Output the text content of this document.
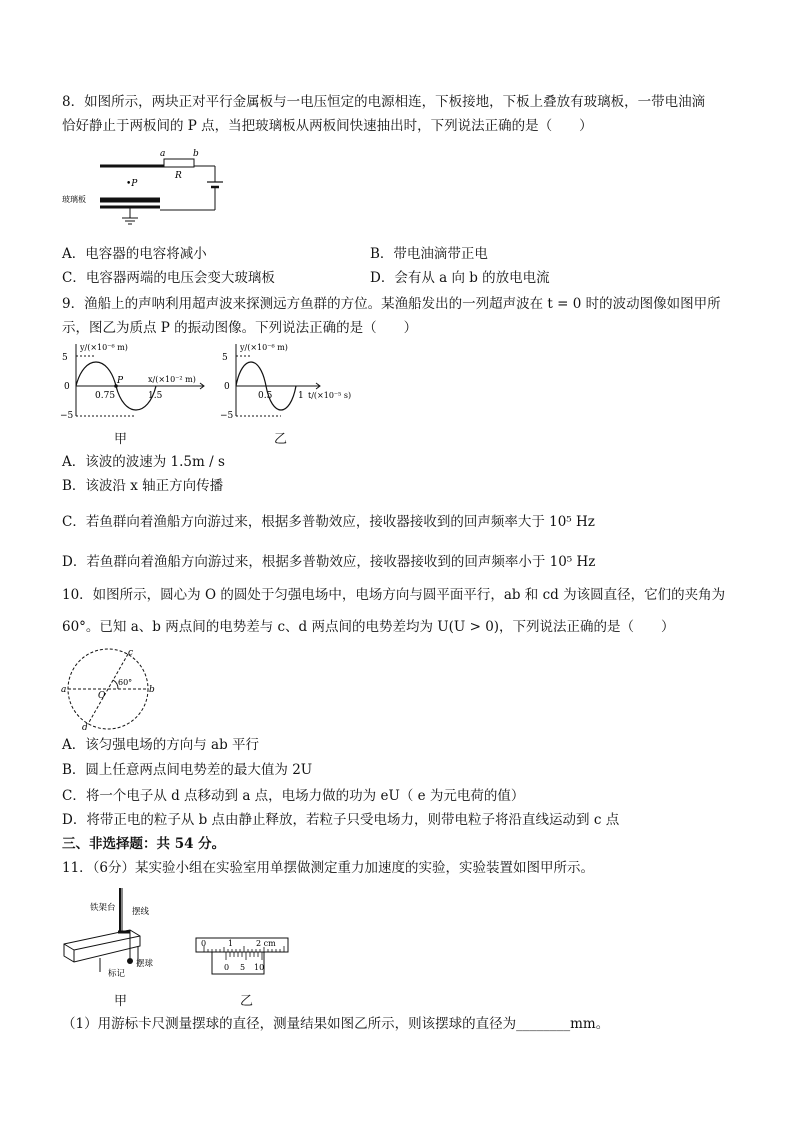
8．如图所示，两块正对平行金属板与一电压恒定的电源相连，下板接地，下板上叠放有玻璃板，一带电油滴
恰好静止于两板间的 P 点，当把玻璃板从两板间快速抽出时，下列说法正确的是（　　）
a	b
R
•P
玻璃板
A．电容器的电容将减小	B．带电油滴带正电
C．电容器两端的电压会变大玻璃板	D．会有从 a 向 b 的放电电流
9．渔船上的声呐利用超声波来探测远方鱼群的方位。某渔船发出的一列超声波在 t = 0 时的波动图像如图甲所
示，图乙为质点 P 的振动图像。下列说法正确的是（　　）
5
0
−5
y/(×10⁻⁶ m)
x/(×10⁻² m)
0.75	1.5
P
甲
5
0
−5
y/(×10⁻⁶ m)
t/(×10⁻⁵ s)
0.5	1
乙
A．该波的波速为 1.5m / s
B．该波沿 x 轴正方向传播
C．若鱼群向着渔船方向游过来，根据多普勒效应，接收器接收到的回声频率大于 10⁵ Hz
D．若鱼群向着渔船方向游过来，根据多普勒效应，接收器接收到的回声频率小于 10⁵ Hz
10．如图所示，圆心为 O 的圆处于匀强电场中，电场方向与圆平面平行，ab 和 cd 为该圆直径，它们的夹角为
60°。已知 a、b 两点间的电势差与 c、d 两点间的电势差均为 U(U > 0)，下列说法正确的是（　　）
a	b
c
d
O
60°
A．该匀强电场的方向与 ab 平行
B．圆上任意两点间电势差的最大值为 2U
C．将一个电子从 d 点移动到 a 点，电场力做的功为 eU（ e 为元电荷的值）
D．将带正电的粒子从 b 点由静止释放，若粒子只受电场力，则带电粒子将沿直线运动到 c 点
三、非选择题：共 54 分。
11．（6分）某实验小组在实验室用单摆做测定重力加速度的实验，实验装置如图甲所示。
铁架台 摆线
摆球
标记
甲
0	1	2 cm
0 5 10
乙
（1）用游标卡尺测量摆球的直径，测量结果如图乙所示，则该摆球的直径为________mm。
